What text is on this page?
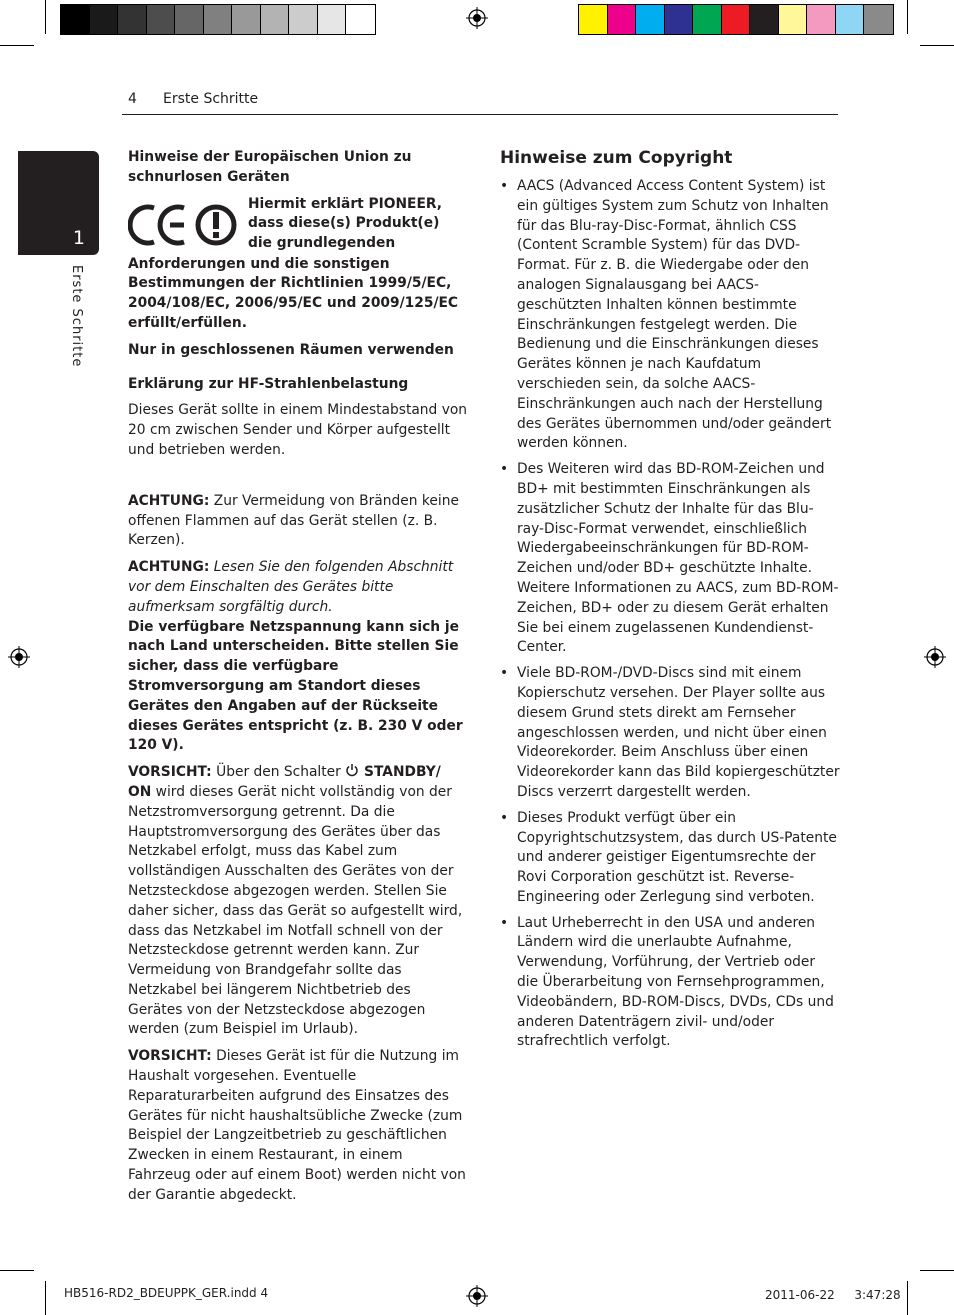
4 Erste Schritte
1
Erste Schritte

Hinweise der Europäischen Union zu schnurlosen Geräten

Hiermit erklärt PIONEER, dass diese(s) Produkt(e) die grundlegenden

Anforderungen und die sonstigen Bestimmungen der Richtlinien 1999/5/EC, 2004/108/EC, 2006/95/EC und 2009/125/EC erfüllt/erfüllen.

Nur in geschlossenen Räumen verwenden

Erklärung zur HF-Strahlenbelastung

Dieses Gerät sollte in einem Mindestabstand von 20 cm zwischen Sender und Körper aufgestellt und betrieben werden.

ACHTUNG: Zur Vermeidung von Bränden keine offenen Flammen auf das Gerät stellen (z. B. Kerzen).

ACHTUNG: Lesen Sie den folgenden Abschnitt vor dem Einschalten des Gerätes bitte aufmerksam sorgfältig durch.

Die verfügbare Netzspannung kann sich je nach Land unterscheiden. Bitte stellen Sie sicher, dass die verfügbare Stromversorgung am Standort dieses Gerätes den Angaben auf der Rückseite dieses Gerätes entspricht (z. B. 230 V oder 120 V).

VORSICHT: Über den Schalter  STANDBY/ ON wird dieses Gerät nicht vollständig von der Netzstromversorgung getrennt. Da die Hauptstromversorgung des Gerätes über das Netzkabel erfolgt, muss das Kabel zum vollständigen Ausschalten des Gerätes von der Netzsteckdose abgezogen werden. Stellen Sie daher sicher, dass das Gerät so aufgestellt wird, dass das Netzkabel im Notfall schnell von der Netzsteckdose getrennt werden kann. Zur Vermeidung von Brandgefahr sollte das Netzkabel bei längerem Nichtbetrieb des Gerätes von der Netzsteckdose abgezogen werden (zum Beispiel im Urlaub).

VORSICHT: Dieses Gerät ist für die Nutzung im Haushalt vorgesehen. Eventuelle Reparaturarbeiten aufgrund des Einsatzes des Gerätes für nicht haushaltsübliche Zwecke (zum Beispiel der Langzeitbetrieb zu geschäftlichen Zwecken in einem Restaurant, in einem Fahrzeug oder auf einem Boot) werden nicht von der Garantie abgedeckt.

Hinweise zum Copyright
• AACS (Advanced Access Content System) ist ein gültiges System zum Schutz von Inhalten für das Blu-ray-Disc-Format, ähnlich CSS (Content Scramble System) für das DVD-Format. Für z. B. die Wiedergabe oder den analogen Signalausgang bei AACS-geschützten Inhalten können bestimmte Einschränkungen festgelegt werden. Die Bedienung und die Einschränkungen dieses Gerätes können je nach Kaufdatum verschieden sein, da solche AACS-Einschränkungen auch nach der Herstellung des Gerätes übernommen und/oder geändert werden können.
• Des Weiteren wird das BD-ROM-Zeichen und BD+ mit bestimmten Einschränkungen als zusätzlicher Schutz der Inhalte für das Blu-ray-Disc-Format verwendet, einschließlich Wiedergabeeinschränkungen für BD-ROM-Zeichen und/oder BD+ geschützte Inhalte. Weitere Informationen zu AACS, zum BD-ROM-Zeichen, BD+ oder zu diesem Gerät erhalten Sie bei einem zugelassenen Kundendienst-Center.
• Viele BD-ROM-/DVD-Discs sind mit einem Kopierschutz versehen. Der Player sollte aus diesem Grund stets direkt am Fernseher angeschlossen werden, und nicht über einen Videorekorder. Beim Anschluss über einen Videorekorder kann das Bild kopiergeschützter Discs verzerrt dargestellt werden.
• Dieses Produkt verfügt über ein Copyrightschutzsystem, das durch US-Patente und anderer geistiger Eigentumsrechte der Rovi Corporation geschützt ist. Reverse-Engineering oder Zerlegung sind verboten.
• Laut Urheberrecht in den USA und anderen Ländern wird die unerlaubte Aufnahme, Verwendung, Vorführung, der Vertrieb oder die Überarbeitung von Fernsehprogrammen, Videobändern, BD-ROM-Discs, DVDs, CDs und anderen Datenträgern zivil- und/oder strafrechtlich verfolgt.
HB516-RD2_BDEUPPK_GER.indd 4	2011-06-22 　 3:47:28
